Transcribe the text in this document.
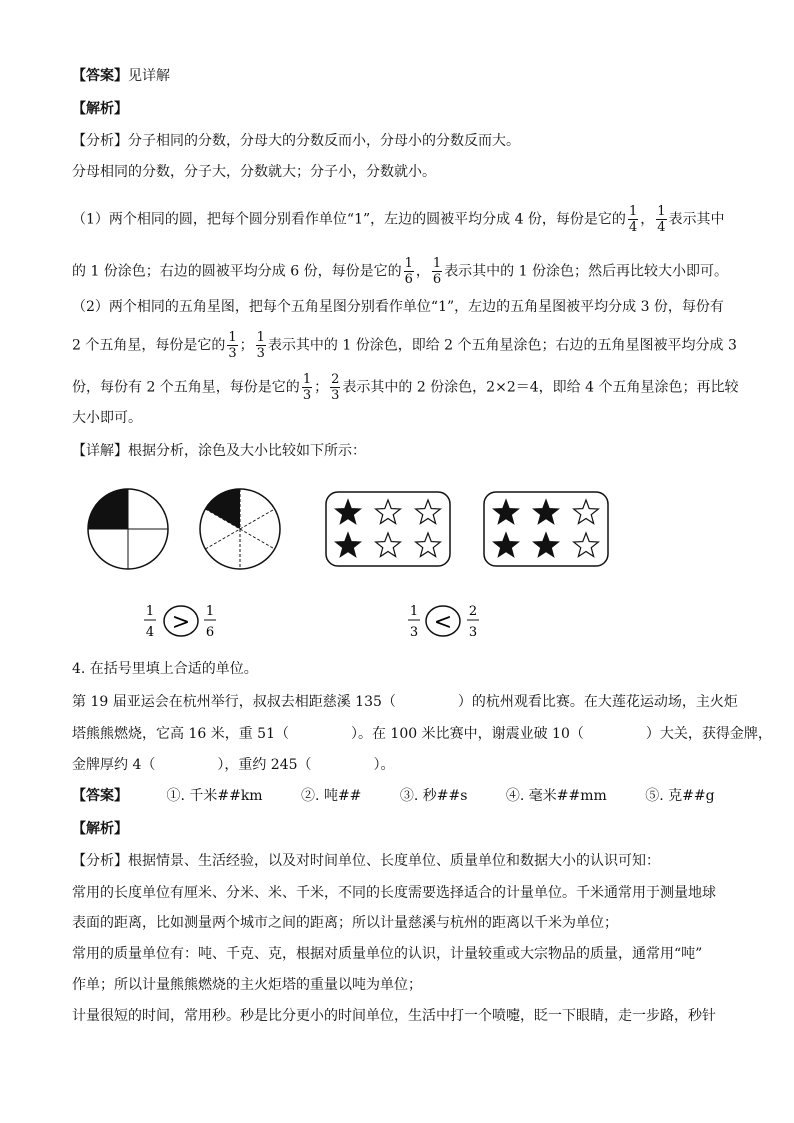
【答案】见详解
【解析】
【分析】分子相同的分数，分母大的分数反而小，分母小的分数反而大。
分母相同的分数，分子大，分数就大；分子小，分数就小。
（1）两个相同的圆，把每个圆分别看作单位“1”，左边的圆被平均分成 4 份，每份是它的 $\frac{1}{4}$ ， $\frac{1}{4}$ 表示其中
的 1 份涂色；右边的圆被平均分成 6 份，每份是它的 $\frac{1}{6}$ ， $\frac{1}{6}$ 表示其中的 1 份涂色；然后再比较大小即可。
（2）两个相同的五角星图，把每个五角星图分别看作单位“1”，左边的五角星图被平均分成 3 份，每份有
2 个五角星，每份是它的 $\frac{1}{3}$ ； $\frac{1}{3}$ 表示其中的 1 份涂色，即给 2 个五角星涂色；右边的五角星图被平均分成 3
份，每份有 2 个五角星，每份是它的 $\frac{1}{3}$ ； $\frac{2}{3}$ 表示其中的 2 份涂色，2×2＝4，即给 4 个五角星涂色；再比较
大小即可。
【详解】根据分析，涂色及大小比较如下所示：
1
4 > 1
6
1
3 < 2
3
4. 在括号里填上合适的单位。
第 19 届亚运会在杭州举行，叔叔去相距慈溪 135（	）的杭州观看比赛。在大莲花运动场，主火炬
塔熊熊燃烧，它高 16 米，重 51（	）。在 100 米比赛中，谢震业破 10（	）大关，获得金牌，
金牌厚约 4（	），重约 245（	）。
【答案】	①. 千米##km	②. 吨##	③. 秒##s	④. 毫米##mm	⑤. 克##g
【解析】
【分析】根据情景、生活经验，以及对时间单位、长度单位、质量单位和数据大小的认识可知：
常用的长度单位有厘米、分米、米、千米，不同的长度需要选择适合的计量单位。千米通常用于测量地球
表面的距离，比如测量两个城市之间的距离；所以计量慈溪与杭州的距离以千米为单位；
常用的质量单位有：吨、千克、克，根据对质量单位的认识，计量较重或大宗物品的质量，通常用“吨”
作单；所以计量熊熊燃烧的主火炬塔的重量以吨为单位；
计量很短的时间，常用秒。秒是比分更小的时间单位，生活中打一个喷嚏，眨一下眼睛，走一步路，秒针
